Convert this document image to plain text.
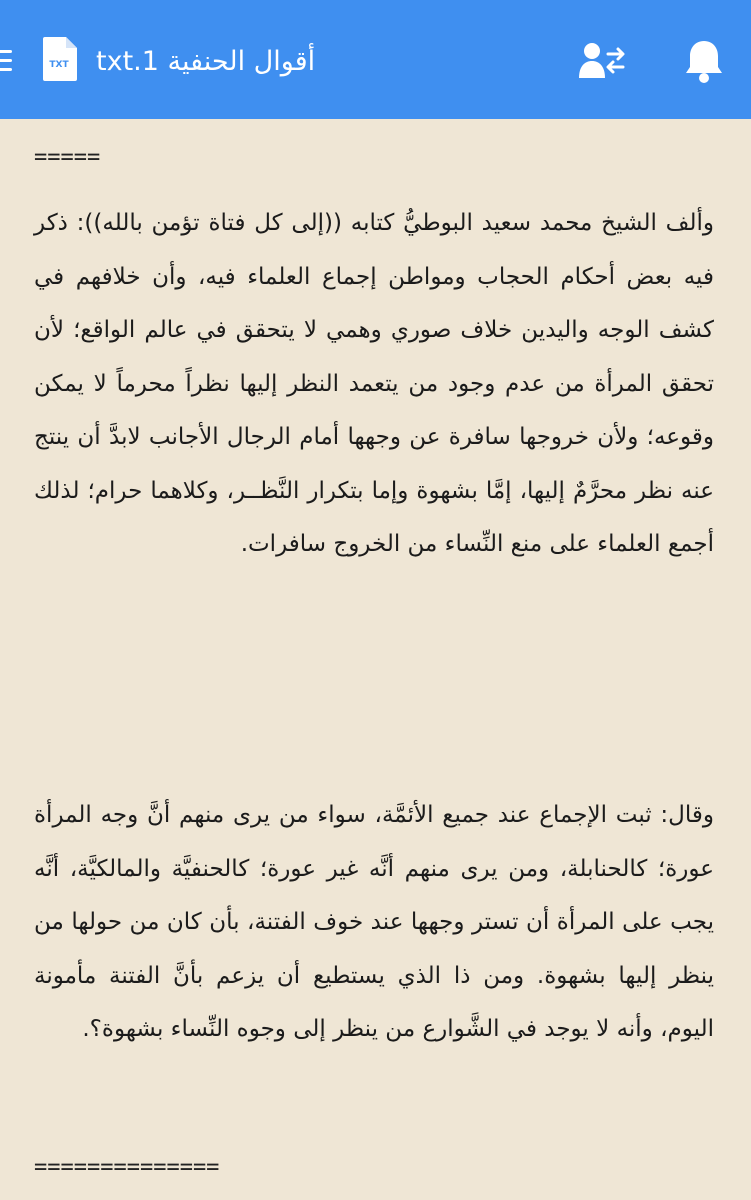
TXT أقوال الحنفية txt.1
=====
وألف الشيخ محمد سعيد البوطيُّ كتابه ((إلى كل فتاة تؤمن بالله)): ذكر فيه بعض أحكام الحجاب ومواطن إجماع العلماء فيه، وأن خلافهم في كشف الوجه واليدين خلاف صوري وهمي لا يتحقق في عالم الواقع؛ لأن تحقق المرأة من عدم وجود من يتعمد النظر إليها نظراً محرماً لا يمكن وقوعه؛ ولأن خروجها سافرة عن وجهها أمام الرجال الأجانب لابدَّ أن ينتج عنه نظر محرَّمٌ إليها، إمَّا بشهوة وإما بتكرار النَّظــر، وكلاهما حرام؛ لذلك أجمع العلماء على منع النِّساء من الخروج سافرات.
وقال: ثبت الإجماع عند جميع الأئمَّة، سواء من يرى منهم أنَّ وجه المرأة عورة؛ كالحنابلة، ومن يرى منهم أنَّه غير عورة؛ كالحنفيَّة والمالكيَّة، أنَّه يجب على المرأة أن تستر وجهها عند خوف الفتنة، بأن كان من حولها من ينظر إليها بشهوة. ومن ذا الذي يستطيع أن يزعم بأنَّ الفتنة مأمونة اليوم، وأنه لا يوجد في الشَّوارع من ينظر إلى وجوه النِّساء بشهوة؟.
==============
